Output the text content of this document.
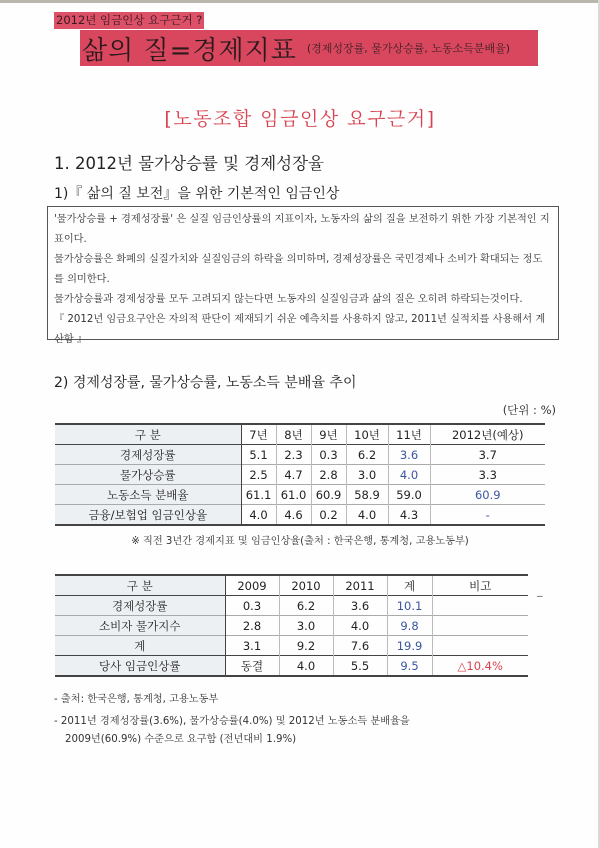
2012년 임금인상 요구근거 ?
삶의 질=경제지표 (경제성장률, 물가상승률, 노동소득분배율)
[노동조합 임금인상 요구근거]
1. 2012년 물가상승률 및 경제성장율
1)『 삶의 질 보전』을 위한 기본적인 임금인상

'물가상승률 + 경제성장률' 은 실질 임금인상률의 지표이자, 노동자의 삶의 질을 보전하기 위한 가장 기본적인 지표이다.

물가상승률은 화폐의 실질가치와 실질임금의 하락을 의미하며, 경제성장률은 국민경제나 소비가 확대되는 정도를 의미한다.

물가상승률과 경제성장률 모두 고려되지 않는다면 노동자의 실질임금과 삶의 질은 오히려 하락되는것이다.

『 2012년 임금요구안은 자의적 판단이 제재되기 쉬운 예측치를 사용하지 않고, 2011년 실적치를 사용해서 계산함 』

2) 경제성장률, 물가상승률, 노동소득 분배율 추이
(단위 : %)
구 분	7년	8년	9년	10년	11년	2012년(예상)
경제성장률	5.1	2.3	0.3	6.2	3.6	3.7
물가상승률	2.5	4.7	2.8	3.0	4.0	3.3
노동소득 분배율	61.1	61.0	60.9	58.9	59.0	60.9
금융/보험업 임금인상율	4.0	4.6	0.2	4.0	4.3	-
※ 직전 3년간 경제지표 및 임금인상율(출처 : 한국은행, 통계청, 고용노동부)
구 분	2009	2010	2011	계	비고
경제성장률	0.3	6.2	3.6	10.1	
소비자 물가지수	2.8	3.0	4.0	9.8	
계	3.1	9.2	7.6	19.9	
당사 임금인상률	동결	4.0	5.5	9.5	△10.4%
_
- 출처: 한국은행, 통계청, 고용노동부
- 2011년 경제성장률(3.6%), 물가상승률(4.0%) 및 2012년 노동소득 분배율을
2009년(60.9%) 수준으로 요구함 (전년대비 1.9%)
